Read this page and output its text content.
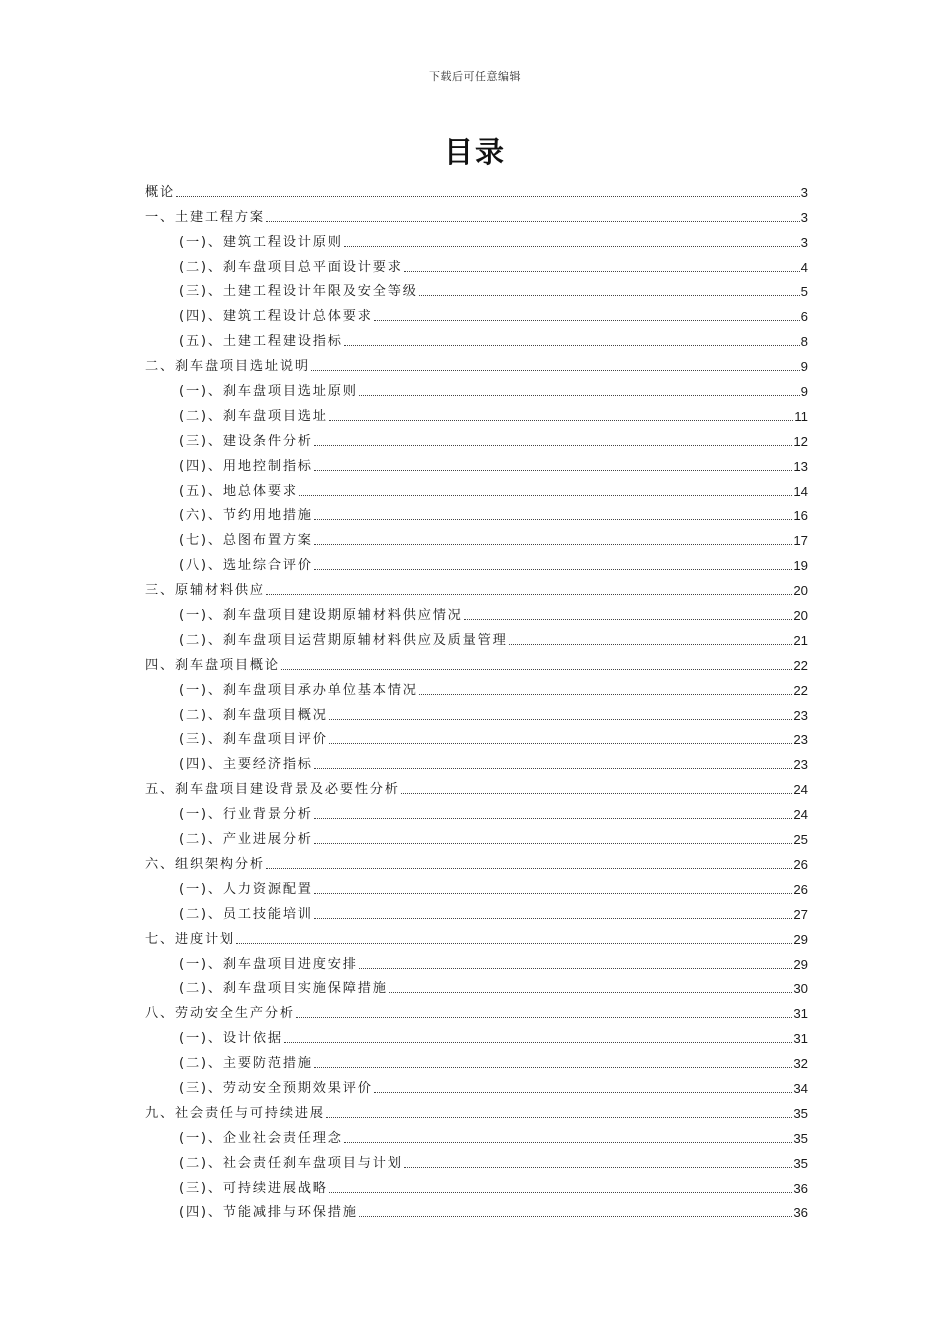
下载后可任意编辑
目录
概论	3
一、土建工程方案	3
(一)、建筑工程设计原则	3
(二)、刹车盘项目总平面设计要求	4
(三)、土建工程设计年限及安全等级	5
(四)、建筑工程设计总体要求	6
(五)、土建工程建设指标	8
二、刹车盘项目选址说明	9
(一)、刹车盘项目选址原则	9
(二)、刹车盘项目选址	11
(三)、建设条件分析	12
(四)、用地控制指标	13
(五)、地总体要求	14
(六)、节约用地措施	16
(七)、总图布置方案	17
(八)、选址综合评价	19
三、原辅材料供应	20
(一)、刹车盘项目建设期原辅材料供应情况	20
(二)、刹车盘项目运营期原辅材料供应及质量管理	21
四、刹车盘项目概论	22
(一)、刹车盘项目承办单位基本情况	22
(二)、刹车盘项目概况	23
(三)、刹车盘项目评价	23
(四)、主要经济指标	23
五、刹车盘项目建设背景及必要性分析	24
(一)、行业背景分析	24
(二)、产业进展分析	25
六、组织架构分析	26
(一)、人力资源配置	26
(二)、员工技能培训	27
七、进度计划	29
(一)、刹车盘项目进度安排	29
(二)、刹车盘项目实施保障措施	30
八、劳动安全生产分析	31
(一)、设计依据	31
(二)、主要防范措施	32
(三)、劳动安全预期效果评价	34
九、社会责任与可持续进展	35
(一)、企业社会责任理念	35
(二)、社会责任刹车盘项目与计划	35
(三)、可持续进展战略	36
(四)、节能减排与环保措施	36
